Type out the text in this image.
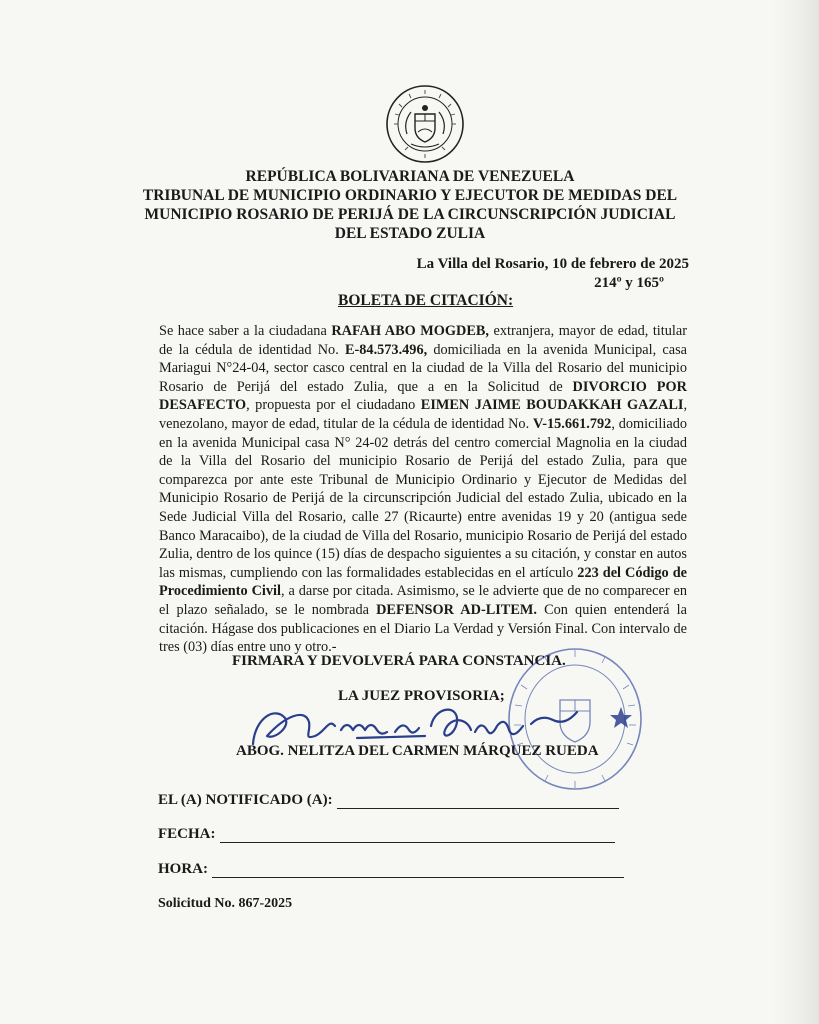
REPÚBLICA BOLIVARIANA DE VENEZUELA
TRIBUNAL DE MUNICIPIO ORDINARIO Y EJECUTOR DE MEDIDAS DEL
MUNICIPIO ROSARIO DE PERIJÁ DE LA CIRCUNSCRIPCIÓN JUDICIAL
DEL ESTADO ZULIA
La Villa del Rosario, 10 de febrero de 2025
214º y 165º
BOLETA DE CITACIÓN:
Se hace saber a la ciudadana RAFAH ABO MOGDEB, extranjera, mayor de edad, titular de la cédula de identidad No. E-84.573.496, domiciliada en la avenida Municipal, casa Mariagui N°24-04, sector casco central en la ciudad de la Villa del Rosario del municipio Rosario de Perijá del estado Zulia, que a en la Solicitud de DIVORCIO POR DESAFECTO, propuesta por el ciudadano EIMEN JAIME BOUDAKKAH GAZALI, venezolano, mayor de edad, titular de la cédula de identidad No. V-15.661.792, domiciliado en la avenida Municipal casa N° 24-02 detrás del centro comercial Magnolia en la ciudad de la Villa del Rosario del municipio Rosario de Perijá del estado Zulia, para que comparezca por ante este Tribunal de Municipio Ordinario y Ejecutor de Medidas del Municipio Rosario de Perijá de la circunscripción Judicial del estado Zulia, ubicado en la Sede Judicial Villa del Rosario, calle 27 (Ricaurte) entre avenidas 19 y 20 (antigua sede Banco Maracaibo), de la ciudad de Villa del Rosario, municipio Rosario de Perijá del estado Zulia, dentro de los quince (15) días de despacho siguientes a su citación, y constar en autos las mismas, cumpliendo con las formalidades establecidas en el artículo 223 del Código de Procedimiento Civil, a darse por citada. Asimismo, se le advierte que de no comparecer en el plazo señalado, se le nombrada DEFENSOR AD-LITEM. Con quien entenderá la citación. Hágase dos publicaciones en el Diario La Verdad y Versión Final. Con intervalo de tres (03) días entre uno y otro.-
FIRMARA Y DEVOLVERÁ PARA CONSTANCIA.
LA JUEZ PROVISORIA;
ABOG. NELITZA DEL CARMEN MÁRQUEZ RUEDA
EL (A) NOTIFICADO (A):
FECHA:
HORA:
Solicitud No. 867-2025
